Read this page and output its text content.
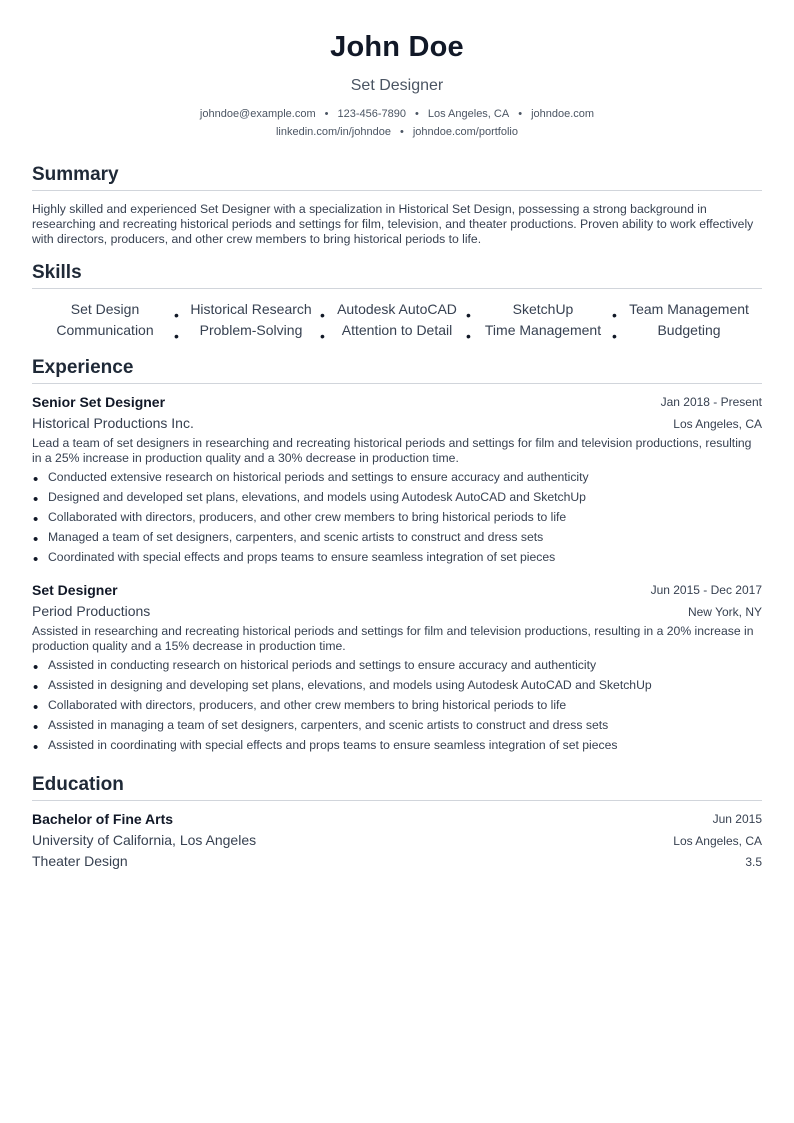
John Doe
Set Designer
johndoe@example.com • 123-456-7890 • Los Angeles, CA • johndoe.com
linkedin.com/in/johndoe • johndoe.com/portfolio
Summary
Highly skilled and experienced Set Designer with a specialization in Historical Set Design, possessing a strong background in researching and recreating historical periods and settings for film, television, and theater productions. Proven ability to work effectively with directors, producers, and other crew members to bring historical periods to life.
Skills
Set Design	• Historical Research • Autodesk AutoCAD •	SketchUp	• Team Management
Communication	• Problem-Solving	• Attention to Detail • Time Management •	Budgeting
Experience
Senior Set Designer	Jan 2018 - Present
Historical Productions Inc.	Los Angeles, CA
Lead a team of set designers in researching and recreating historical periods and settings for film and television productions, resulting in a 25% increase in production quality and a 30% decrease in production time.
• Conducted extensive research on historical periods and settings to ensure accuracy and authenticity
• Designed and developed set plans, elevations, and models using Autodesk AutoCAD and SketchUp
• Collaborated with directors, producers, and other crew members to bring historical periods to life
• Managed a team of set designers, carpenters, and scenic artists to construct and dress sets
• Coordinated with special effects and props teams to ensure seamless integration of set pieces
Set Designer	Jun 2015 - Dec 2017
Period Productions	New York, NY
Assisted in researching and recreating historical periods and settings for film and television productions, resulting in a 20% increase in production quality and a 15% decrease in production time.
• Assisted in conducting research on historical periods and settings to ensure accuracy and authenticity
• Assisted in designing and developing set plans, elevations, and models using Autodesk AutoCAD and SketchUp
• Collaborated with directors, producers, and other crew members to bring historical periods to life
• Assisted in managing a team of set designers, carpenters, and scenic artists to construct and dress sets
• Assisted in coordinating with special effects and props teams to ensure seamless integration of set pieces
Education
Bachelor of Fine Arts	Jun 2015
University of California, Los Angeles	Los Angeles, CA
Theater Design	3.5
